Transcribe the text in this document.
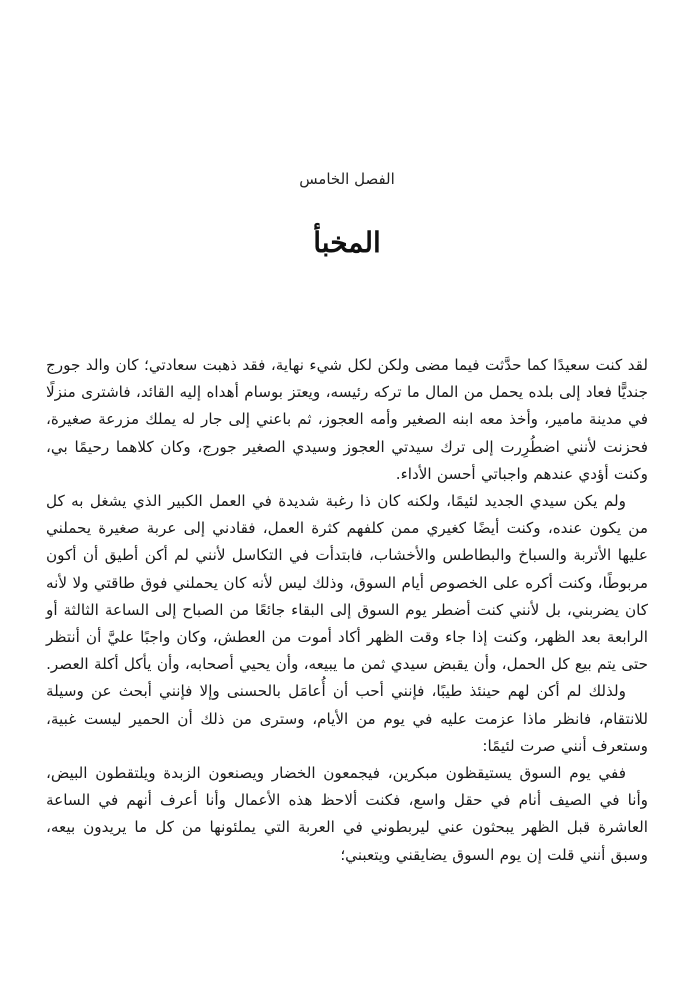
الفصل الخامس
المخبأ

لقد كنت سعيدًا كما حدَّثت فيما مضى ولكن لكل شيء نهاية، فقد ذهبت سعادتي؛ كان والد جورج جنديًّا فعاد إلى بلده يحمل من المال ما تركه رئيسه، ويعتز بوسام أهداه إليه القائد، فاشترى منزلًا في مدينة مامير، وأخذ معه ابنه الصغير وأمه العجوز، ثم باعني إلى جار له يملك مزرعة صغيرة، فحزنت لأنني اضطُرِرت إلى ترك سيدتي العجوز وسيدي الصغير جورج، وكان كلاهما رحيمًا بي، وكنت أؤدي عندهم واجباتي أحسن الأداء.

ولم يكن سيدي الجديد لئيمًا، ولكنه كان ذا رغبة شديدة في العمل الكبير الذي يشغل به كل من يكون عنده، وكنت أيضًا كغيري ممن كلفهم كثرة العمل، فقادني إلى عربة صغيرة يحملني عليها الأتربة والسباخ والبطاطس والأخشاب، فابتدأت في التكاسل لأنني لم أكن أطيق أن أكون مربوطًا، وكنت أكره على الخصوص أيام السوق، وذلك ليس لأنه كان يحملني فوق طاقتي ولا لأنه كان يضربني، بل لأنني كنت أضطر يوم السوق إلى البقاء جائعًا من الصباح إلى الساعة الثالثة أو الرابعة بعد الظهر، وكنت إذا جاء وقت الظهر أكاد أموت من العطش، وكان واجبًا عليَّ أن أنتظر حتى يتم بيع كل الحمل، وأن يقبض سيدي ثمن ما يبيعه، وأن يحيي أصحابه، وأن يأكل أكلة العصر.

ولذلك لم أكن لهم حينئذ طيبًا، فإنني أحب أن أُعامَل بالحسنى وإلا فإنني أبحث عن وسيلة للانتقام، فانظر ماذا عزمت عليه في يوم من الأيام، وسترى من ذلك أن الحمير ليست غبية، وستعرف أنني صرت لئيمًا:

ففي يوم السوق يستيقظون مبكرين، فيجمعون الخضار ويصنعون الزبدة ويلتقطون البيض، وأنا في الصيف أنام في حقل واسع، فكنت ألاحظ هذه الأعمال وأنا أعرف أنهم في الساعة العاشرة قبل الظهر يبحثون عني ليربطوني في العربة التي يملئونها من كل ما يريدون بيعه، وسبق أنني قلت إن يوم السوق يضايقني ويتعبني؛
